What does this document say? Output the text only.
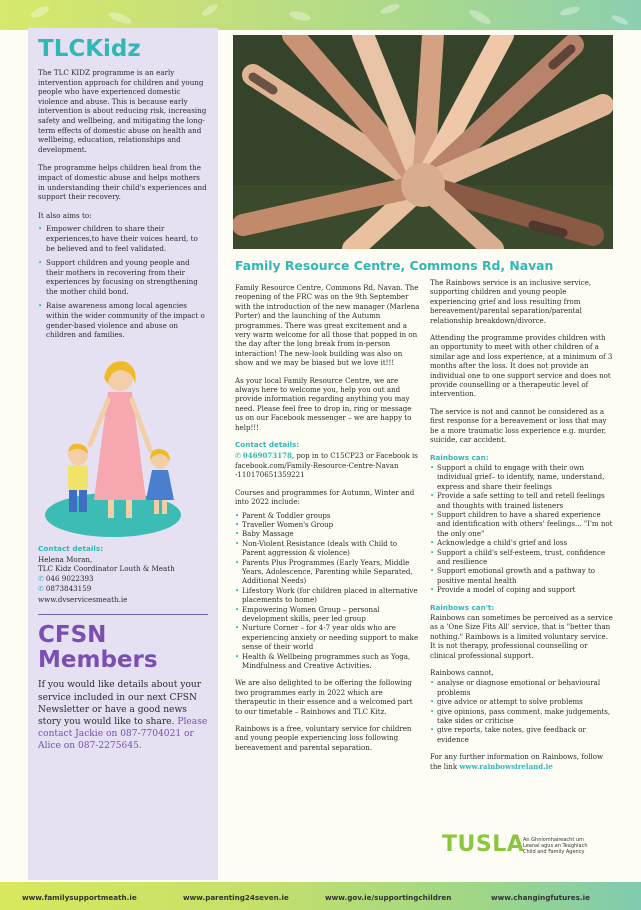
TLCKidz

The TLC KIDZ programme is an early intervention approach for children and young people who have experienced domestic violence and abuse. This is because early intervention is about reducing risk, increasing safety and wellbeing, and mitigating the long-term effects of domestic abuse on health and wellbeing, education, relationships and development.

The programme helps children heal from the impact of domestic abuse and helps mothers in understanding their child's experiences and support their recovery.

It also aims to:

• Empower children to share their experiences,to have their voices heard, to be believed and to feel validated.
• Support children and young people and their mothers in recovering from their experiences by focusing on strengthening the mother child bond.
• Raise awareness among local agencies within the wider community of the impact o gender-based violence and abuse on children and families.
Contact details:
Helena Moran,
TLC Kidz Coordinator Louth & Meath
✆ 046 9022393
✆ 0873843159
www.dvservicesmeath.ie
CFSN
Members

If you would like details about your service included in our next CFSN Newsletter or have a good news story you would like to share. Please contact Jackie on 087-7704021 or Alice on 087-2275645.

Family Resource Centre, Commons Rd, Navan

Family Resource Centre, Commons Rd, Navan. The reopening of the FRC was on the 9th September with the introduction of the new manager (Marlena Porter) and the launching of the Autumn programmes. There was great excitement and a very warm welcome for all those that popped in on the day after the long break from in-person interaction! The new-look building was also on show and we may be biased but we love it!!!

As your local Family Resource Centre, we are always here to welcome you, help you out and provide information regarding anything you may need. Please feel free to drop in, ring or message us on our Facebook messenger – we are happy to help!!!

Contact details:

✆ 0469073178, pop in to C15CP23 or Facebook is facebook.com/Family-Resource-Centre-Navan -110170651359221

Courses and programmes for Autumn, Winter and into 2022 include:

• Parent & Toddler groups
• Traveller Women's Group
• Baby Massage
• Non-Violent Resistance (deals with Child to Parent aggression & violence)
• Parents Plus Programmes (Early Years, Middle Years, Adolescence, Parenting while Separated, Additional Needs)
• Lifestory Work (for children placed in alternative placements to home)
• Empowering Women Group – personal development skills, peer led group
• Nurture Corner – for 4-7 year olds who are experiencing anxiety or needing support to make sense of their world
• Health & Wellbeing programmes such as Yoga, Mindfulness and Creative Activities.

We are also delighted to be offering the following two programmes early in 2022 which are therapeutic in their essence and a welcomed part to our timetable – Rainbows and TLC Kitz.

Rainbows is a free, voluntary service for children and young people experiencing loss following bereavement and parental separation.

The Rainbows service is an inclusive service, supporting children and young people experiencing grief and loss resulting from bereavement/parental separation/parental relationship breakdown/divorce.

Attending the programme provides children with an opportunity to meet with other children of a similar age and loss experience, at a minimum of 3 months after the loss. It does not provide an individual one to one support service and does not provide counselling or a therapeutic level of intervention.

The service is not and cannot be considered as a first response for a bereavement or loss that may be a more traumatic loss experience e.g. murder, suicide, car accident.

Rainbows can:
• Support a child to engage with their own individual grief– to identify, name, understand, express and share their feelings
• Provide a safe setting to tell and retell feelings and thoughts with trained listeners
• Support children to have a shared experience and identification with others' feelings... "I'm not the only one"
• Acknowledge a child's grief and loss
• Support a child's self-esteem, trust, confidence and resilience
• Support emotional growth and a pathway to positive mental health
• Provide a model of coping and support
Rainbows can't:

Rainbows can sometimes be perceived as a service as a 'One Size Fits All' service, that is "better than nothing." Rainbows is a limited voluntary service. It is not therapy, professional counselling or clinical professional support.

Rainbows cannot,

• analyse or diagnose emotional or behavioural problems
• give advice or attempt to solve problems
• give opinions, pass comment, make judgements, take sides or criticise
• give reports, take notes, give feedback or evidence

For any further information on Rainbows, follow the link www.rainbowsireland.ie

TUSLA
An Ghníomhaireacht um
Leanaí agus an Teaghlach
Child and Family Agency
www.familysupportmeath.ie	www.parenting24seven.ie	www.gov.ie/supportingchildren	www.changingfutures.ie
